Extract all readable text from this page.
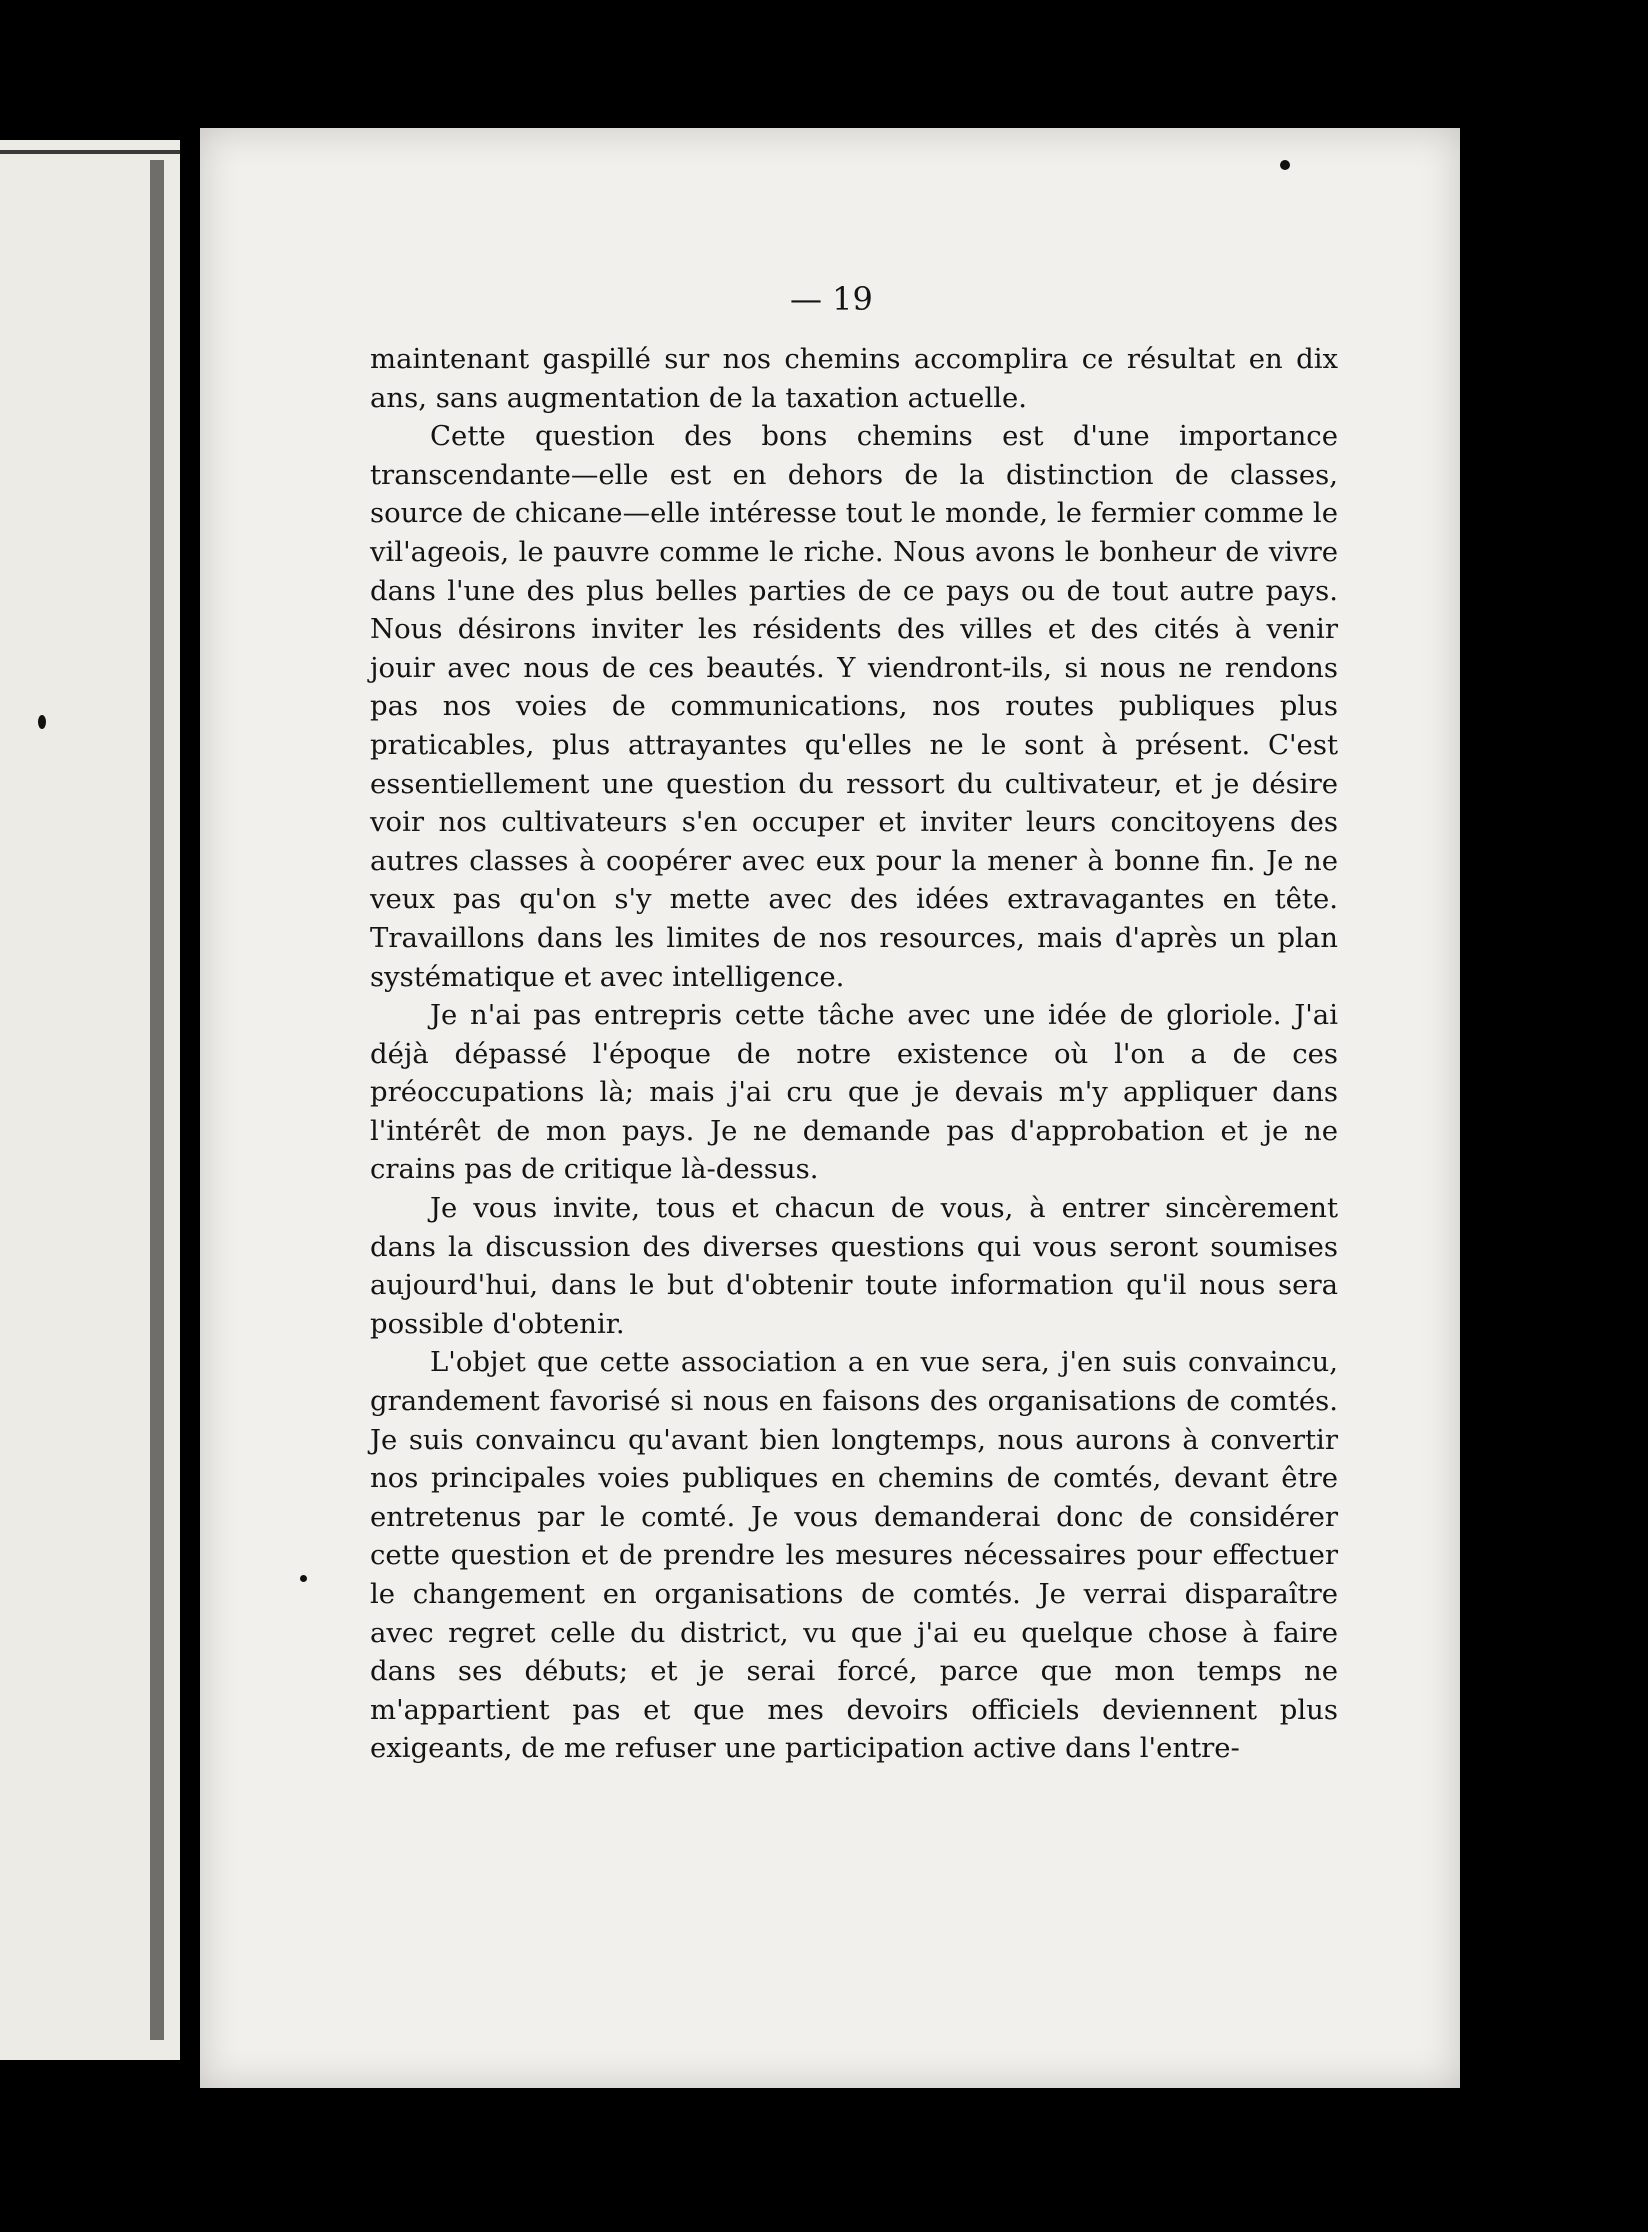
— 19

maintenant gaspillé sur nos chemins accomplira ce résultat en dix ans, sans augmentation de la taxation actuelle.

Cette question des bons chemins est d'une importance transcendante—elle est en dehors de la distinction de classes, source de chicane—elle intéresse tout le monde, le fermier comme le vil'ageois, le pauvre comme le riche. Nous avons le bonheur de vivre dans l'une des plus belles parties de ce pays ou de tout autre pays. Nous désirons inviter les résidents des villes et des cités à venir jouir avec nous de ces beautés. Y viendront-ils, si nous ne rendons pas nos voies de communications, nos routes publiques plus praticables, plus attrayantes qu'elles ne le sont à présent. C'est essentiellement une question du ressort du cultivateur, et je désire voir nos cultivateurs s'en occuper et inviter leurs concitoyens des autres classes à coopérer avec eux pour la mener à bonne fin. Je ne veux pas qu'on s'y mette avec des idées extravagantes en tête. Travaillons dans les limites de nos resources, mais d'après un plan systématique et avec intelligence.

Je n'ai pas entrepris cette tâche avec une idée de gloriole. J'ai déjà dépassé l'époque de notre existence où l'on a de ces préoccupations là; mais j'ai cru que je devais m'y appliquer dans l'intérêt de mon pays. Je ne demande pas d'approbation et je ne crains pas de critique là-dessus.

Je vous invite, tous et chacun de vous, à entrer sincèrement dans la discussion des diverses questions qui vous seront soumises aujourd'hui, dans le but d'obtenir toute information qu'il nous sera possible d'obtenir.

L'objet que cette association a en vue sera, j'en suis convaincu, grandement favorisé si nous en faisons des organisations de comtés. Je suis convaincu qu'avant bien longtemps, nous aurons à convertir nos principales voies publiques en chemins de comtés, devant être entretenus par le comté. Je vous demanderai donc de considérer cette question et de prendre les mesures nécessaires pour effectuer le changement en organisations de comtés. Je verrai disparaître avec regret celle du district, vu que j'ai eu quelque chose à faire dans ses débuts; et je serai forcé, parce que mon temps ne m'appartient pas et que mes devoirs officiels deviennent plus exigeants, de me refuser une participation active dans l'entre-
